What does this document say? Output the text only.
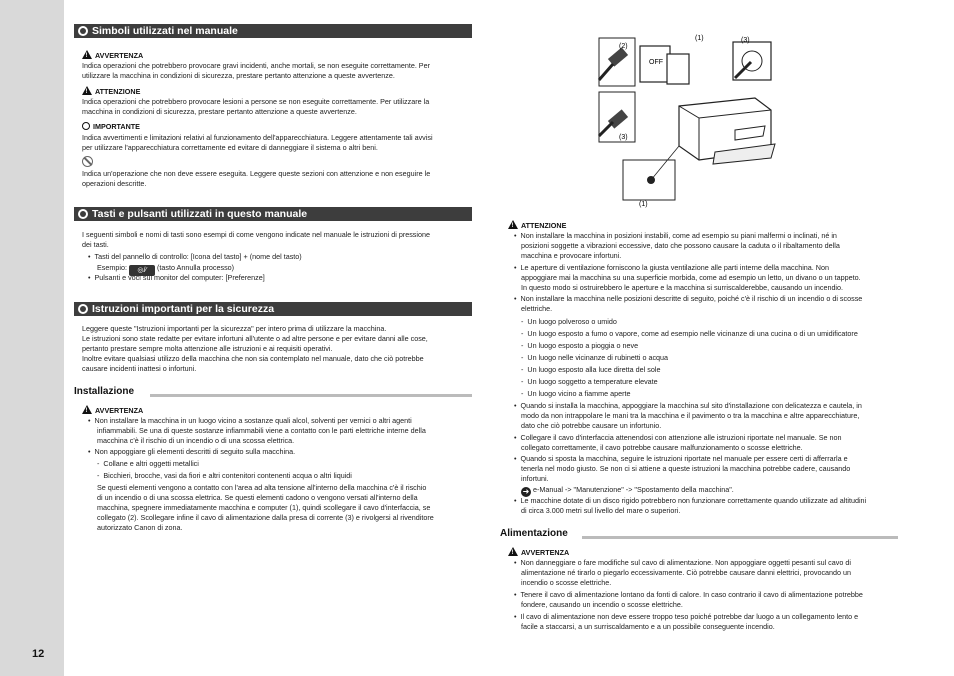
12
Simboli utilizzati nel manuale
!AVVERTENZA
Indica operazioni che potrebbero provocare gravi incidenti, anche mortali, se non eseguite correttamente. Per
utilizzare la macchina in condizioni di sicurezza, prestare pertanto attenzione a queste avvertenze.
!ATTENZIONE
Indica operazioni che potrebbero provocare lesioni a persone se non eseguite correttamente. Per utilizzare la
macchina in condizioni di sicurezza, prestare pertanto attenzione a queste avvertenze.
IMPORTANTE
Indica avvertimenti e limitazioni relativi al funzionamento dell'apparecchiatura. Leggere attentamente tali avvisi
per utilizzare l'apparecchiatura correttamente ed evitare di danneggiare il sistema o altri beni.
Indica un'operazione che non deve essere eseguita. Leggere queste sezioni con attenzione e non eseguire le
operazioni descritte.
Tasti e pulsanti utilizzati in questo manuale
I seguenti simboli e nomi di tasti sono esempi di come vengono indicate nel manuale le istruzioni di pressione
dei tasti.
•  Tasti del pannello di controllo: [Icona del tasto] + (nome del tasto)
Esempio: ◎/⁄ (tasto Annulla processo)
•  Pulsanti e voci sul monitor del computer: [Preferenze]
Istruzioni importanti per la sicurezza
Leggere queste "Istruzioni importanti per la sicurezza" per intero prima di utilizzare la macchina.
Le istruzioni sono state redatte per evitare infortuni all'utente o ad altre persone e per evitare danni alle cose,
pertanto prestare sempre molta attenzione alle istruzioni e ai requisiti operativi.
Inoltre evitare qualsiasi utilizzo della macchina che non sia contemplato nel manuale, dato che ciò potrebbe
causare incidenti inattesi o infortuni.
Installazione
!AVVERTENZA
•  Non installare la macchina in un luogo vicino a sostanze quali alcol, solventi per vernici o altri agenti
infiammabili. Se una di queste sostanze infiammabili viene a contatto con le parti elettriche interne della
macchina c'è il rischio di un incendio o di una scossa elettrica.
•  Non appoggiare gli elementi descritti di seguito sulla macchina.
-  Collane e altri oggetti metallici
-  Bicchieri, brocche, vasi da fiori e altri contenitori contenenti acqua o altri liquidi
Se questi elementi vengono a contatto con l'area ad alta tensione all'interno della macchina c'è il rischio
di un incendio o di una scossa elettrica. Se questi elementi cadono o vengono versati all'interno della
macchina, spegnere immediatamente macchina e computer (1), quindi scollegare il cavo d'interfaccia, se
collegato (2). Scollegare infine il cavo di alimentazione dalla presa di corrente (3) e rivolgersi al rivenditore
autorizzato Canon di zona.
(2)
(3)
OFF
(1)	(3)
(1)
!ATTENZIONE
•  Non installare la macchina in posizioni instabili, come ad esempio su piani malfermi o inclinati, né in
posizioni soggette a vibrazioni eccessive, dato che possono causare la caduta o il ribaltamento della
macchina e provocare infortuni.
•  Le aperture di ventilazione forniscono la giusta ventilazione alle parti interne della macchina. Non
appoggiare mai la macchina su una superficie morbida, come ad esempio un letto, un divano o un tappeto.
In questo modo si ostruirebbero le aperture e la macchina si surriscalderebbe, causando un incendio.
•  Non installare la macchina nelle posizioni descritte di seguito, poiché c'è il rischio di un incendio o di scosse
elettriche.
-  Un luogo polveroso o umido
-  Un luogo esposto a fumo o vapore, come ad esempio nelle vicinanze di una cucina o di un umidificatore
-  Un luogo esposto a pioggia o neve
-  Un luogo nelle vicinanze di rubinetti o acqua
-  Un luogo esposto alla luce diretta del sole
-  Un luogo soggetto a temperature elevate
-  Un luogo vicino a fiamme aperte
•  Quando si installa la macchina, appoggiare la macchina sul sito d'installazione con delicatezza e cautela, in
modo da non intrappolare le mani tra la macchina e il pavimento o tra la macchina e altre apparecchiature,
dato che ciò potrebbe causare un infortunio.
•  Collegare il cavo d'interfaccia attenendosi con attenzione alle istruzioni riportate nel manuale. Se non
collegato correttamente, il cavo potrebbe causare malfunzionamento o scosse elettriche.
•  Quando si sposta la macchina, seguire le istruzioni riportate nel manuale per essere certi di afferrarla e
tenerla nel modo giusto. Se non ci si attiene a queste istruzioni la macchina potrebbe cadere, causando
infortuni.
➜ e-Manual -> "Manutenzione" -> "Spostamento della macchina".
•  Le macchine dotate di un disco rigido potrebbero non funzionare correttamente quando utilizzate ad altitudini
di circa 3.000 metri sul livello del mare o superiori.
Alimentazione
!AVVERTENZA
•  Non danneggiare o fare modifiche sul cavo di alimentazione. Non appoggiare oggetti pesanti sul cavo di
alimentazione né tirarlo o piegarlo eccessivamente. Ciò potrebbe causare danni elettrici, provocando un
incendio o scosse elettriche.
•  Tenere il cavo di alimentazione lontano da fonti di calore. In caso contrario il cavo di alimentazione potrebbe
fondere, causando un incendio o scosse elettriche.
•  Il cavo di alimentazione non deve essere troppo teso poiché potrebbe dar luogo a un collegamento lento e
facile a staccarsi, a un surriscaldamento e a un possibile conseguente incendio.
